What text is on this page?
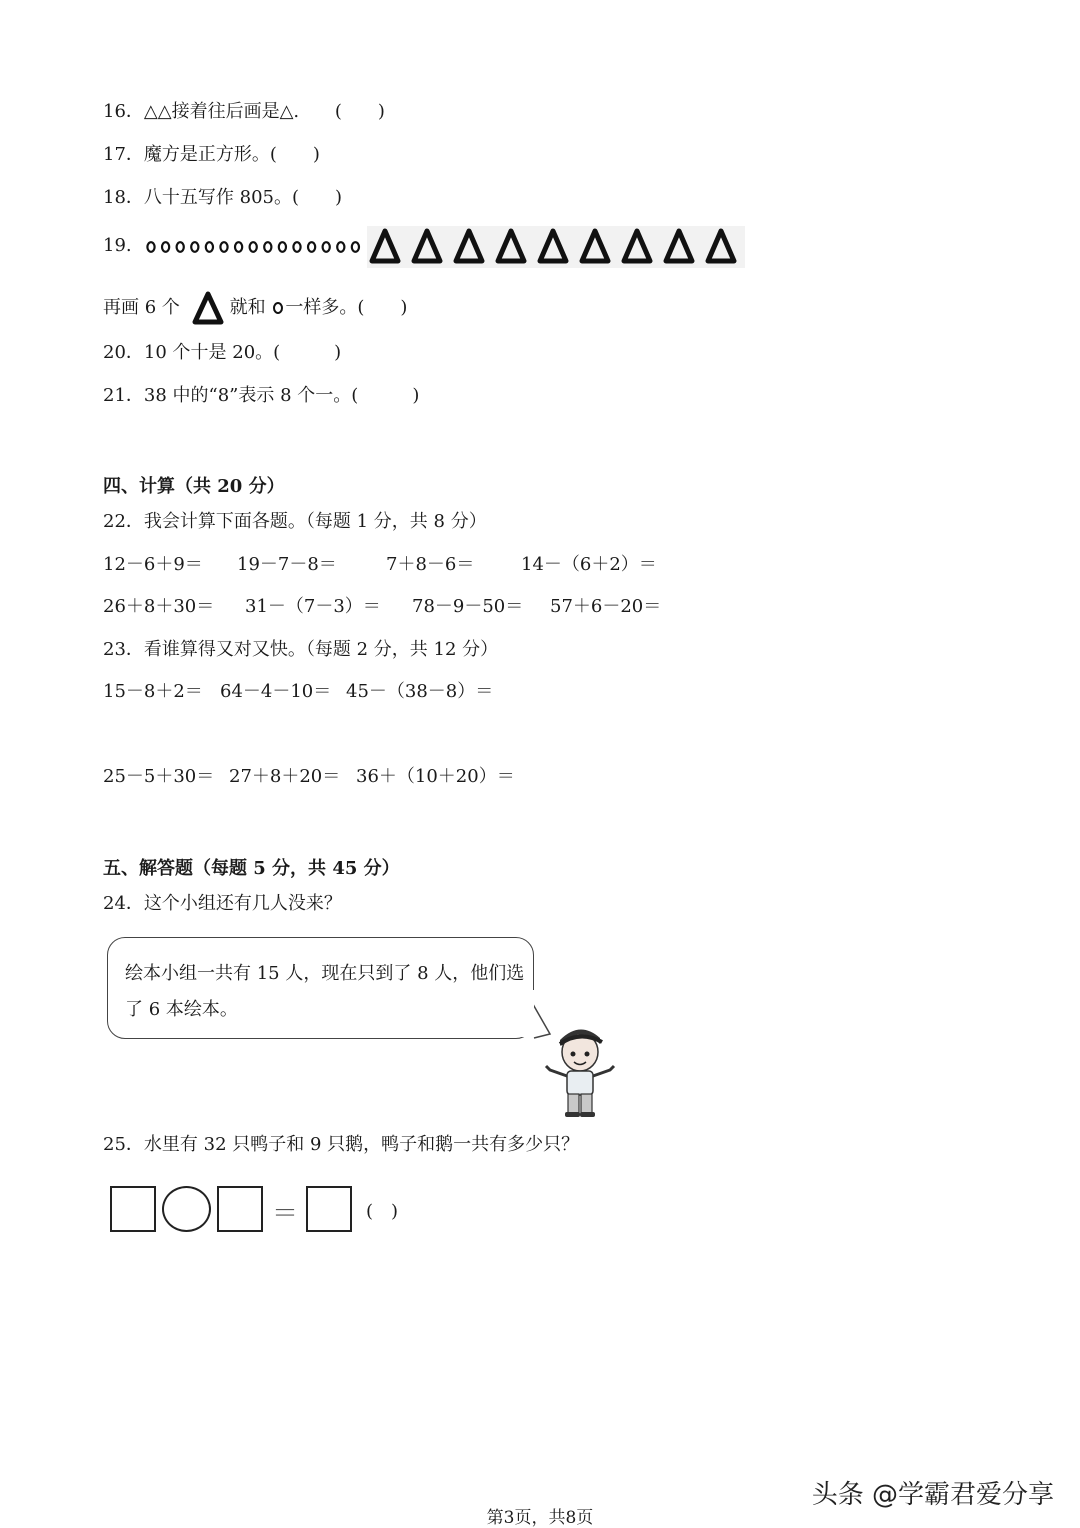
16．△△接着往后画是△. (　　)
17．魔方是正方形。(　　)
18．八十五写作 805。(　　)
19.
再画 6 个	就和 一样多。(　　)
20．10 个十是 20。(　　　)
21．38 中的“8”表示 8 个一。(　　　)
四、计算（共 20 分）
22．我会计算下面各题。（每题 1 分，共 8 分）
12－6＋9＝ 19－7－8＝	7＋8－6＝	14－（6＋2）＝
26＋8＋30＝ 31－（7－3）＝ 78－9－50＝ 57＋6－20＝
23．看谁算得又对又快。（每题 2 分，共 12 分）
15－8＋2＝ 64－4－10＝ 45－（38－8）＝
25－5＋30＝ 27＋8＋20＝ 36＋（10＋20）＝
五、解答题（每题 5 分，共 45 分）
24．这个小组还有几人没来？
绘本小组一共有 15 人，现在只到了 8 人，他们选了 6 本绘本。
25．水里有 32 只鸭子和 9 只鹅，鸭子和鹅一共有多少只？
＝	(　)
头条 @学霸君爱分享
第3页，共8页
